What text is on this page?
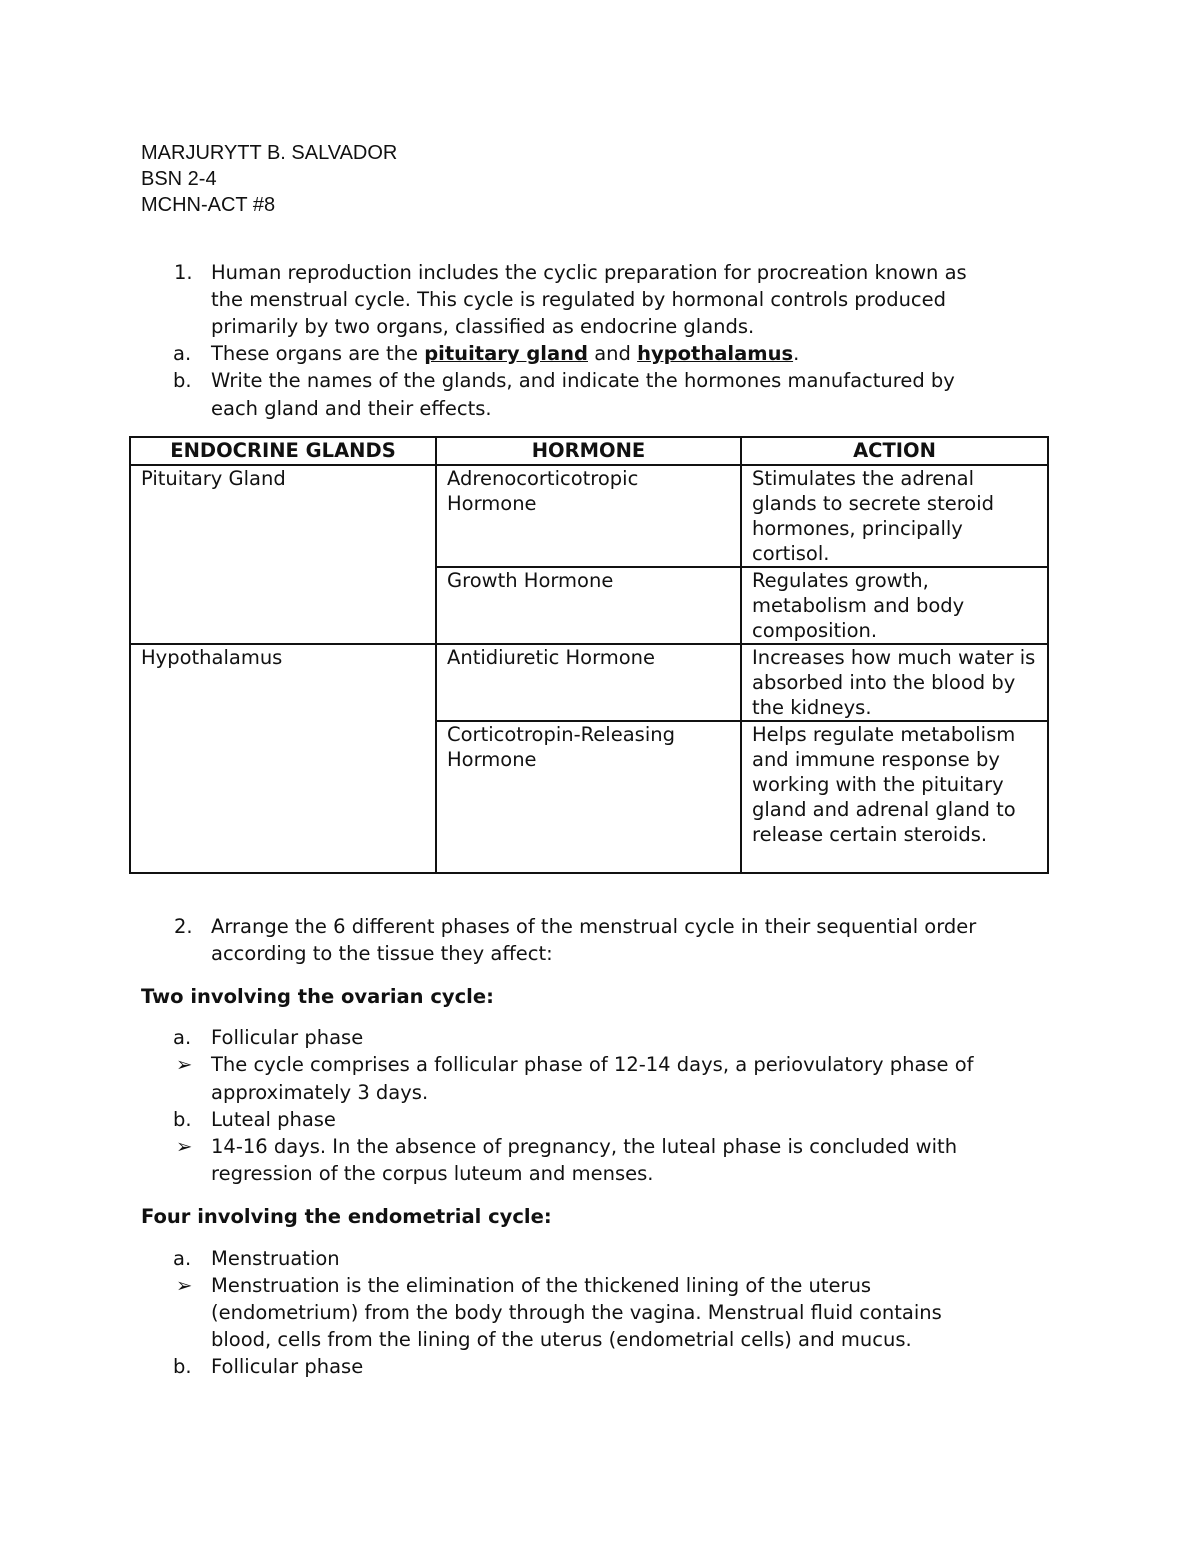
MARJURYTT B. SALVADOR
BSN 2-4
MCHN-ACT #8
1. Human reproduction includes the cyclic preparation for procreation known as
the menstrual cycle. This cycle is regulated by hormonal controls produced
primarily by two organs, classified as endocrine glands.
a.	These organs are the pituitary gland and hypothalamus.
b. Write the names of the glands, and indicate the hormones manufactured by
each gland and their effects.
ENDOCRINE GLANDS	HORMONE	ACTION
Pituitary Gland	Adrenocorticotropic Hormone	Stimulates the adrenal glands to secrete steroid hormones, principally cortisol.
	Growth Hormone	Regulates growth, metabolism and body composition.
Hypothalamus	Antidiuretic Hormone	Increases how much water is absorbed into the blood by the kidneys.
	Corticotropin-Releasing Hormone	Helps regulate metabolism and immune response by working with the pituitary gland and adrenal gland to release certain steroids.
2. Arrange the 6 different phases of the menstrual cycle in their sequential order
according to the tissue they affect:
Two involving the ovarian cycle:
a.	Follicular phase
➢ The cycle comprises a follicular phase of 12-14 days, a periovulatory phase of
approximately 3 days.
b. Luteal phase
➢ 14-16 days. In the absence of pregnancy, the luteal phase is concluded with
regression of the corpus luteum and menses.
Four involving the endometrial cycle:
a.	Menstruation
➢ Menstruation is the elimination of the thickened lining of the uterus
(endometrium) from the body through the vagina. Menstrual fluid contains
blood, cells from the lining of the uterus (endometrial cells) and mucus.
b. Follicular phase
